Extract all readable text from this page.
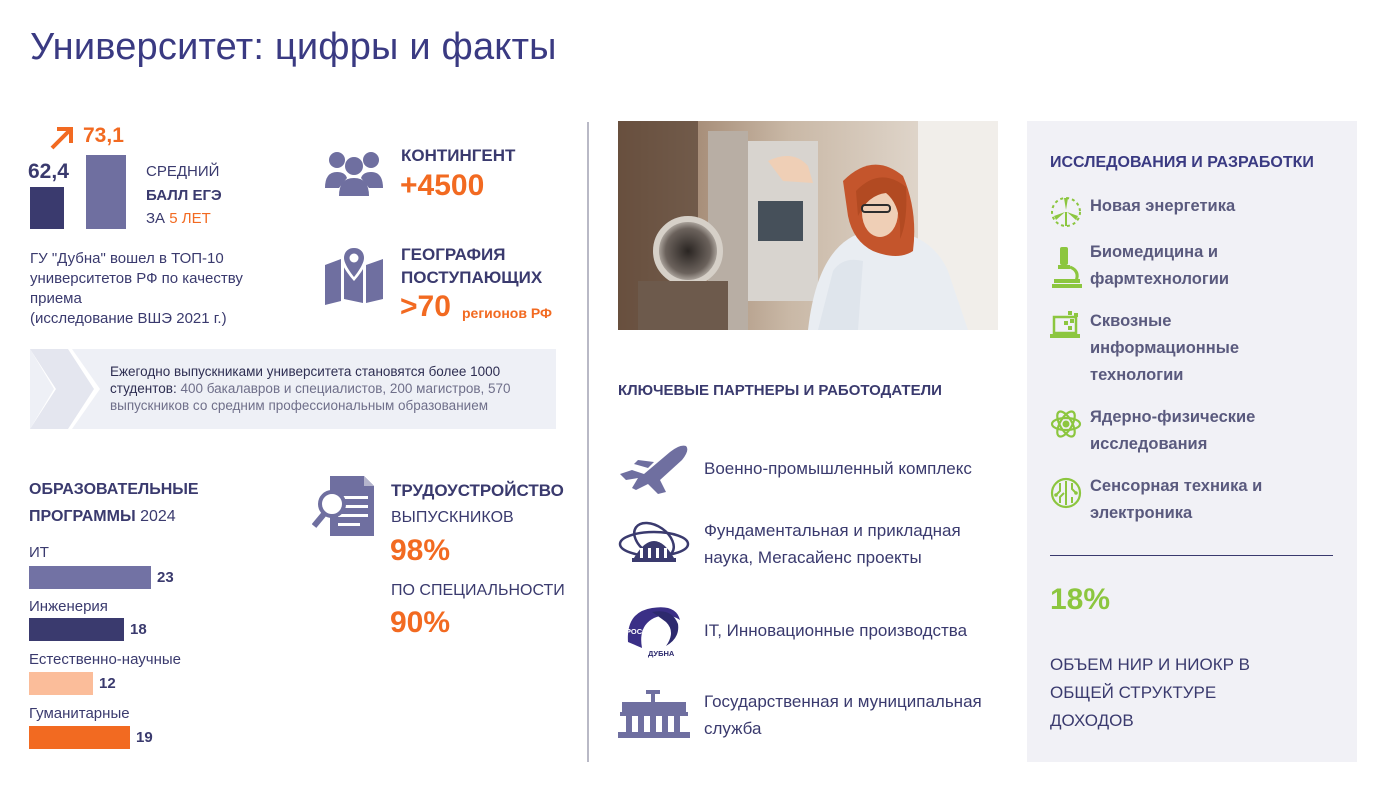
Университет: цифры и факты
62,4
73,1
СРЕДНИЙ
БАЛЛ ЕГЭ
ЗА 5 ЛЕТ
ГУ "Дубна" вошел в ТОП-10
университетов РФ по качеству
приема
(исследование ВШЭ 2021 г.)
КОНТИНГЕНТ
+4500
ГЕОГРАФИЯ
ПОСТУПАЮЩИХ
>70 регионов РФ
Ежегодно выпускниками университета становятся более 1000 студентов: 400 бакалавров и специалистов, 200 магистров, 570 выпускников со средним профессиональным образованием
ОБРАЗОВАТЕЛЬНЫЕ
ПРОГРАММЫ 2024
ИТ
23
Инженерия
18
Естественно-научные
12
Гуманитарные
19
ТРУДОУСТРОЙСТВО
ВЫПУСКНИКОВ
98%
ПО СПЕЦИАЛЬНОСТИ
90%
КЛЮЧЕВЫЕ ПАРТНЕРЫ И РАБОТОДАТЕЛИ
Военно-промышленный комплекс
Фундаментальная и прикладная
наука, Мегасайенс проекты
РОСОЭЗ
ДУБНА
IT, Инновационные производства
Государственная и муниципальная
служба
ИССЛЕДОВАНИЯ И РАЗРАБОТКИ
Новая энергетика
Биомедицина и
фармтехнологии
Сквозные
информационные
технологии
Ядерно-физические
исследования
Сенсорная техника и
электроника
18%
ОБЪЕМ НИР И НИОКР В
ОБЩЕЙ СТРУКТУРЕ
ДОХОДОВ
